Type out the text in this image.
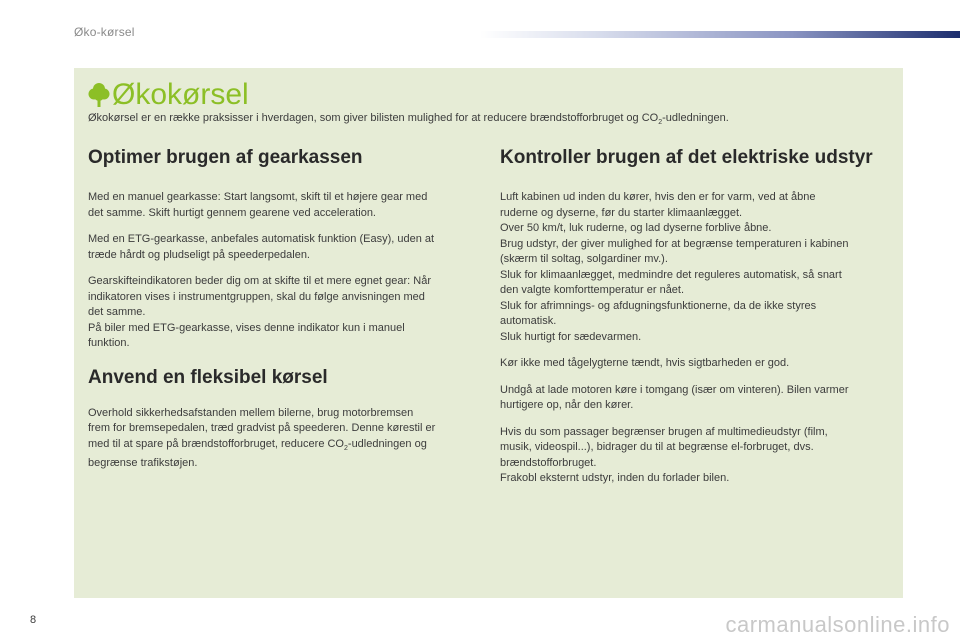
Øko-kørsel
Økokørsel
Økokørsel er en række praksisser i hverdagen, som giver bilisten mulighed for at reducere brændstofforbruget og $CO_2$-udledningen.
Optimer brugen af gearkassen

Med en manuel gearkasse: Start langsomt, skift til et højere gear med
det samme. Skift hurtigt gennem gearene ved acceleration.

Med en ETG-gearkasse, anbefales automatisk funktion (Easy), uden at
træde hårdt og pludseligt på speederpedalen.

Gearskifteindikatoren beder dig om at skifte til et mere egnet gear: Når
indikatoren vises i instrumentgruppen, skal du følge anvisningen med
det samme.
På biler med ETG-gearkasse, vises denne indikator kun i manuel
funktion.

Anvend en fleksibel kørsel

Overhold sikkerhedsafstanden mellem bilerne, brug motorbremsen
frem for bremsepedalen, træd gradvist på speederen. Denne kørestil er
med til at spare på brændstofforbruget, reducere $CO_2$-udledningen og
begrænse trafikstøjen.

Kontroller brugen af det elektriske udstyr

Luft kabinen ud inden du kører, hvis den er for varm, ved at åbne
ruderne og dyserne, før du starter klimaanlægget.
Over 50 km/t, luk ruderne, og lad dyserne forblive åbne.
Brug udstyr, der giver mulighed for at begrænse temperaturen i kabinen
(skærm til soltag, solgardiner mv.).
Sluk for klimaanlægget, medmindre det reguleres automatisk, så snart
den valgte komforttemperatur er nået.
Sluk for afrimnings- og afdugningsfunktionerne, da de ikke styres
automatisk.
Sluk hurtigt for sædevarmen.

Kør ikke med tågelygterne tændt, hvis sigtbarheden er god.

Undgå at lade motoren køre i tomgang (især om vinteren). Bilen varmer
hurtigere op, når den kører.

Hvis du som passager begrænser brugen af multimedieudstyr (film,
musik, videospil...), bidrager du til at begrænse el-forbruget, dvs.
brændstofforbruget.
Frakobl eksternt udstyr, inden du forlader bilen.

8	carmanualsonline.info
